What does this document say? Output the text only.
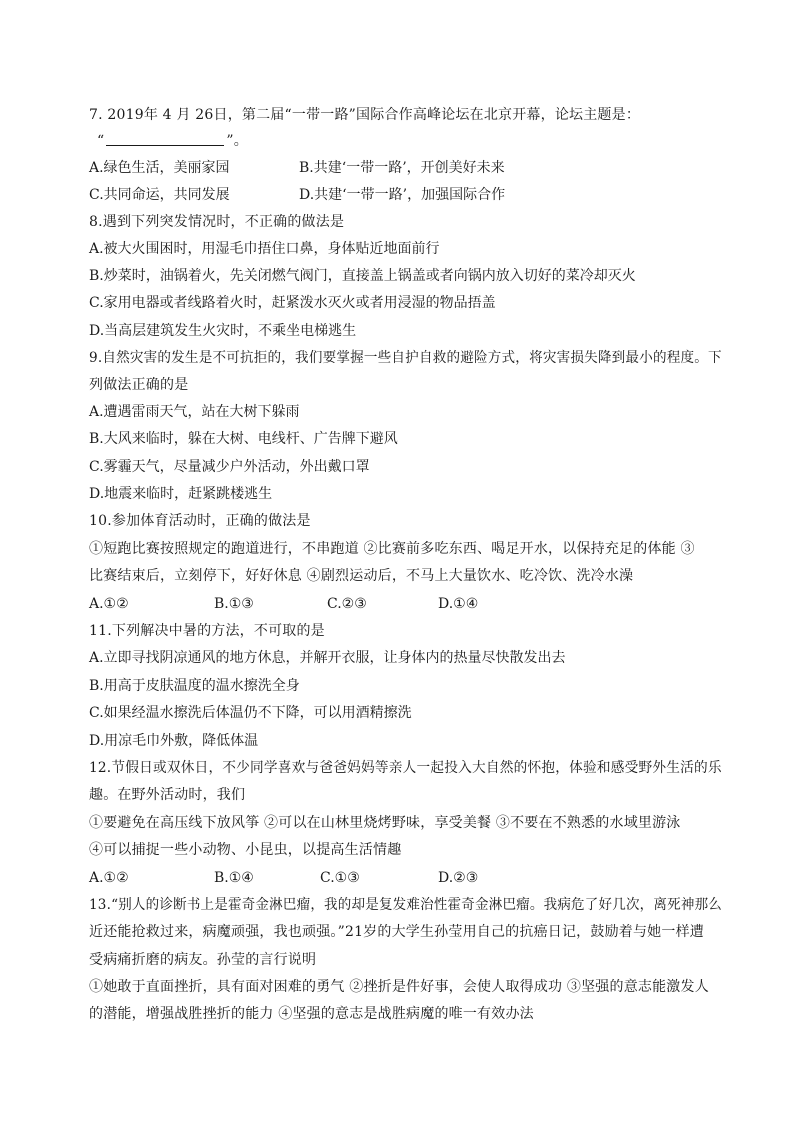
7. 2019年 4 月 26日，第二届“一带一路”国际合作高峰论坛在北京开幕，论坛主题是：
“	”。
A.绿色生活，美丽家园	B.共建‘一带一路’，开创美好未来
C.共同命运，共同发展	D.共建‘一带一路’，加强国际合作
8.遇到下列突发情况时，不正确的做法是
A.被大火围困时，用湿毛巾捂住口鼻，身体贴近地面前行
B.炒菜时，油锅着火，先关闭燃气阀门，直接盖上锅盖或者向锅内放入切好的菜冷却灭火
C.家用电器或者线路着火时，赶紧泼水灭火或者用浸湿的物品捂盖
D.当高层建筑发生火灾时，不乘坐电梯逃生
9.自然灾害的发生是不可抗拒的，我们要掌握一些自护自救的避险方式，将灾害损失降到最小的程度。下
列做法正确的是
A.遭遇雷雨天气，站在大树下躲雨
B.大风来临时，躲在大树、电线杆、广告牌下避风
C.雾霾天气，尽量减少户外活动，外出戴口罩
D.地震来临时，赶紧跳楼逃生
10.参加体育活动时，正确的做法是
①短跑比赛按照规定的跑道进行，不串跑道 ②比赛前多吃东西、喝足开水，以保持充足的体能 ③
比赛结束后，立刻停下，好好休息 ④剧烈运动后，不马上大量饮水、吃冷饮、洗冷水澡
A.①②	B.①③	C.②③	D.①④
11.下列解决中暑的方法，不可取的是
A.立即寻找阴凉通风的地方休息，并解开衣服，让身体内的热量尽快散发出去
B.用高于皮肤温度的温水擦洗全身
C.如果经温水擦洗后体温仍不下降，可以用酒精擦洗
D.用凉毛巾外敷，降低体温
12.节假日或双休日，不少同学喜欢与爸爸妈妈等亲人一起投入大自然的怀抱，体验和感受野外生活的乐
趣。在野外活动时，我们
①要避免在高压线下放风筝 ②可以在山林里烧烤野味，享受美餐 ③不要在不熟悉的水域里游泳
④可以捕捉一些小动物、小昆虫，以提高生活情趣
A.①②	B.①④	C.①③	D.②③
13.“别人的诊断书上是霍奇金淋巴瘤，我的却是复发难治性霍奇金淋巴瘤。我病危了好几次，离死神那么
近还能抢救过来，病魔顽强，我也顽强。”21岁的大学生孙莹用自己的抗癌日记，鼓励着与她一样遭
受病痛折磨的病友。孙莹的言行说明
①她敢于直面挫折，具有面对困难的勇气 ②挫折是件好事，会使人取得成功 ③坚强的意志能激发人
的潜能，增强战胜挫折的能力 ④坚强的意志是战胜病魔的唯一有效办法
